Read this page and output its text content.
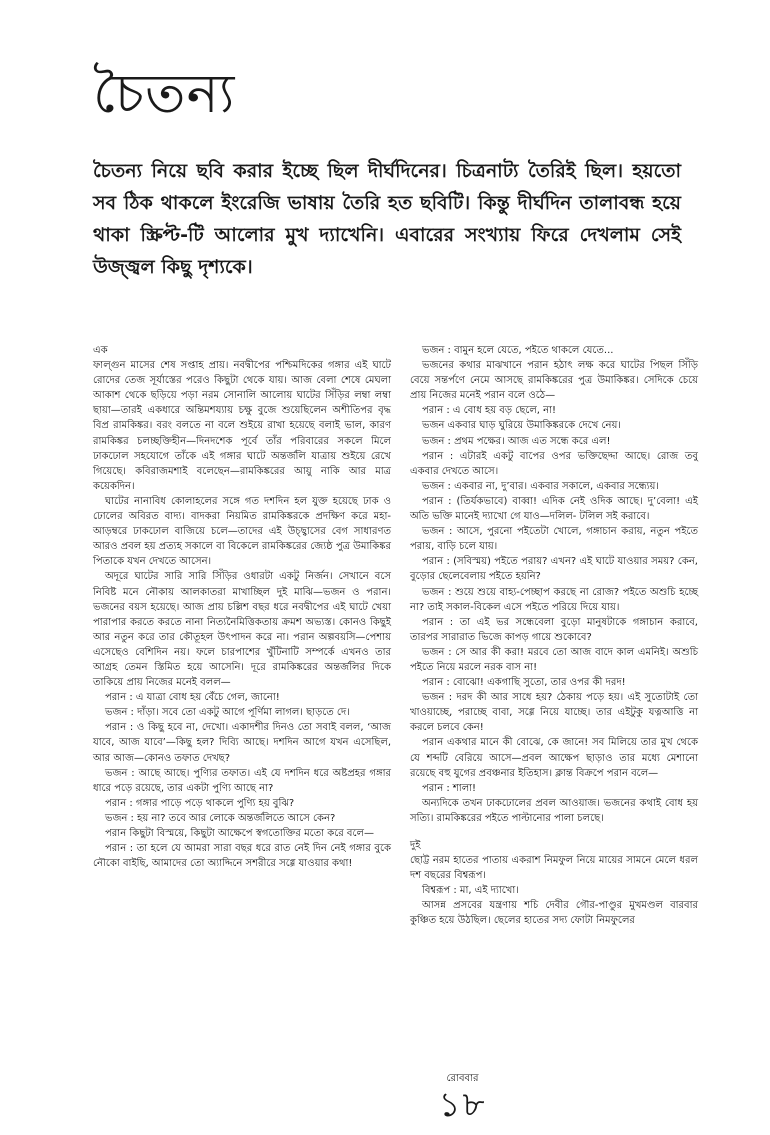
চৈতন্য

চৈতন্য নিয়ে ছবি করার ইচ্ছে ছিল দীর্ঘদিনের। চিত্রনাট্য তৈরিই ছিল। হয়তো সব ঠিক থাকলে ইংরেজি ভাষায় তৈরি হত ছবিটি। কিন্তু দীর্ঘদিন তালাবন্ধ হয়ে থাকা স্ক্রিপ্ট-টি আলোর মুখ দ্যাখেনি। এবারের সংখ্যায় ফিরে দেখলাম সেই উজ্জ্বল কিছু দৃশ্যকে।

এক

ফাল্গুন মাসের শেষ সপ্তাহ প্রায়। নবদ্বীপের পশ্চিমদিকের গঙ্গার এই ঘাটে রোদের তেজ সূর্যাস্তের পরেও কিছুটা থেকে যায়। আজ বেলা শেষে মেঘলা আকাশ থেকে ছড়িয়ে পড়া নরম সোনালি আলোয় ঘাটের সিঁড়ির লম্বা লম্বা ছায়া—তারই একধারে অন্তিমশয্যায় চক্ষু বুজে শুয়েছিলেন অশীতিপর বৃদ্ধ বিপ্র রামকিঙ্কর। বরং বলতে না বলে শুইয়ে রাখা হয়েছে বলাই ভাল, কারণ রামকিঙ্কর চলচ্ছক্তিহীন—দিনদশেক পূর্বে তাঁর পরিবারের সকলে মিলে ঢাকঢোল সহযোগে তাঁকে এই গঙ্গার ঘাটে অন্তর্জলি যাত্রায় শুইয়ে রেখে গিয়েছে। কবিরাজমশাই বলেছেন—রামকিঙ্করের আয়ু নাকি আর মাত্র কয়েকদিন।

ঘাটের নানাবিধ কোলাহলের সঙ্গে গত দশদিন হল যুক্ত হয়েছে ঢাক ও ঢোলের অবিরত বাদ্য। বাদকরা নিয়মিত রামকিঙ্করকে প্রদক্ষিণ করে মহা-আড়ম্বরে ঢাকঢোল বাজিয়ে চলে—তাদের এই উচ্ছ্বাসের বেগ সাধারণত আরও প্রবল হয় প্রত্যহ সকালে বা বিকেলে রামকিঙ্করের জ্যেষ্ঠ পুত্র উমাকিঙ্কর পিতাকে যখন দেখতে আসেন।

অদূরে ঘাটের সারি সারি সিঁড়ির ওধারটা একটু নির্জন। সেখানে বসে নিবিষ্ট মনে নৌকায় আলকাতরা মাখাচ্ছিল দুই মাঝি—ভজন ও পরান। ভজনের বয়স হয়েছে। আজ প্রায় চল্লিশ বছর ধরে নবদ্বীপের এই ঘাটে খেয়া পারাপার করতে করতে নানা নিত্যনৈমিত্তিকতায় ক্রমশ অভ্যস্ত। কোনও কিছুই আর নতুন করে তার কৌতূহল উৎপাদন করে না। পরান অল্পবয়সি—পেশায় এসেছেও বেশিদিন নয়। ফলে চারপাশের খুঁটিনাটি সম্পর্কে এখনও তার আগ্রহ তেমন স্তিমিত হয়ে আসেনি। দূরে রামকিঙ্করের অন্তর্জলির দিকে তাকিয়ে প্রায় নিজের মনেই বলল—

পরান : এ যাত্রা বোধ হয় বেঁচে গেল, জানো!

ভজন : দাঁড়া। সবে তো একটু আগে পূর্ণিমা লাগল। ছাড়তে দে।

পরান : ও কিছু হবে না, দেখো। একাদশীর দিনও তো সবাই বলল, ‘আজ যাবে, আজ যাবে’—কিছু হল? দিব্যি আছে। দশদিন আগে যখন এসেছিল, আর আজ—কোনও তফাত দেখছ?

ভজন : আছে আছে। পুণ্যির তফাত। এই যে দশদিন ধরে অষ্টপ্রহর গঙ্গার ধারে পড়ে রয়েছে, তার একটা পুণ্যি আছে না?

পরান : গঙ্গার পাড়ে পড়ে থাকলে পুণ্যি হয় বুঝি?

ভজন : হয় না? তবে আর লোকে অন্তর্জলিতে আসে কেন?

পরান কিছুটা বিস্ময়ে, কিছুটা আক্ষেপে স্বগতোক্তির মতো করে বলে—

পরান : তা হলে যে আমরা সারা বছর ধরে রাত নেই দিন নেই গঙ্গার বুকে নৌকো বাইছি, আমাদের তো অ্যাদ্দিনে সশরীরে সগ্গে যাওয়ার কথা!

ভজন : বামুন হলে যেতে, পইতে থাকলে যেতে...

ভজনের কথার মাঝখানে পরান হঠাৎ লক্ষ করে ঘাটের পিছল সিঁড়ি বেয়ে সন্তর্পণে নেমে আসছে রামকিঙ্করের পুত্র উমাকিঙ্কর। সেদিকে চেয়ে প্রায় নিজের মনেই পরান বলে ওঠে—

পরান : এ বোধ হয় বড় ছেলে, না!

ভজন একবার ঘাড় ঘুরিয়ে উমাকিঙ্করকে দেখে নেয়।

ভজন : প্রথম পক্ষের। আজ এত সন্ধে করে এল!

পরান : এটারই একটু বাপের ওপর ভক্তিছেদ্দা আছে। রোজ তবু একবার দেখতে আসে।

ভজন : একবার না, দু’বার। একবার সকালে, একবার সন্ধ্যেয়।

পরান : (তির্যকভাবে) বাব্বা! এদিক নেই ওদিক আছে। দু’বেলা! এই অতি ভক্তি মানেই দ্যাখো গে যাও—দলিল- টলিল সই করাবে।

ভজন : আসে, পুরনো পইতেটা খোলে, গঙ্গাচান করায়, নতুন পইতে পরায়, বাড়ি চলে যায়।

পরান : (সবিস্ময়) পইতে পরায়? এখন? এই ঘাটে যাওয়ার সময়? কেন, বুড়োর ছেলেবেলায় পইতে হয়নি?

ভজন : শুয়ে শুয়ে বাহ্য-পেচ্ছাপ করছে না রোজ? পইতে অশুচি হচ্ছে না? তাই সকাল-বিকেল এসে পইতে পরিয়ে দিয়ে যায়।

পরান : তা এই ভর সন্ধেবেলা বুড়ো মানুষটাকে গঙ্গাচান করাবে, তারপর সারারাত ভিজে কাপড় গায়ে শুকোবে?

ভজন : সে আর কী করা! মরবে তো আজ বাদে কাল এমনিই। অশুচি পইতে নিয়ে মরলে নরক বাস না!

পরান : বোঝো! একগাছি সুতো, তার ওপর কী দরদ!

ভজন : দরদ কী আর সাধে হয়? ঠেকায় পড়ে হয়। এই সুতোটাই তো খাওয়াচ্ছে, পরাচ্ছে বাবা, সগ্গে নিয়ে যাচ্ছে। তার এইটুকু যত্নআত্তি না করলে চলবে কেন!

পরান একথার মানে কী বোঝে, কে জানে! সব মিলিয়ে তার মুখ থেকে যে শব্দটি বেরিয়ে আসে—প্রবল আক্ষেপ ছাড়াও তার মধ্যে মেশানো রয়েছে বহু যুগের প্রবঞ্চনার ইতিহাস। ক্লান্ত বিক্রপে পরান বলে—

পরান : শালা!

অন্যদিকে তখন ঢাকঢোলের প্রবল আওয়াজ। ভজনের কথাই বোধ হয় সত্যি। রামকিঙ্করের পইতে পাল্টানোর পালা চলছে।

দুই

ছোট্ট নরম হাতের পাতায় একরাশ নিমফুল নিয়ে মায়ের সামনে মেলে ধরল দশ বছরের বিশ্বরূপ।

বিশ্বরূপ : মা, এই দ্যাখো।

আসন্ন প্রসবের যন্ত্রণায় শচি দেবীর গৌর-পাণ্ডুর মুখমণ্ডল বারবার কুঞ্চিত হয়ে উঠছিল। ছেলের হাতের সদ্য ফোটা নিমফুলের

রোববার
১৮
